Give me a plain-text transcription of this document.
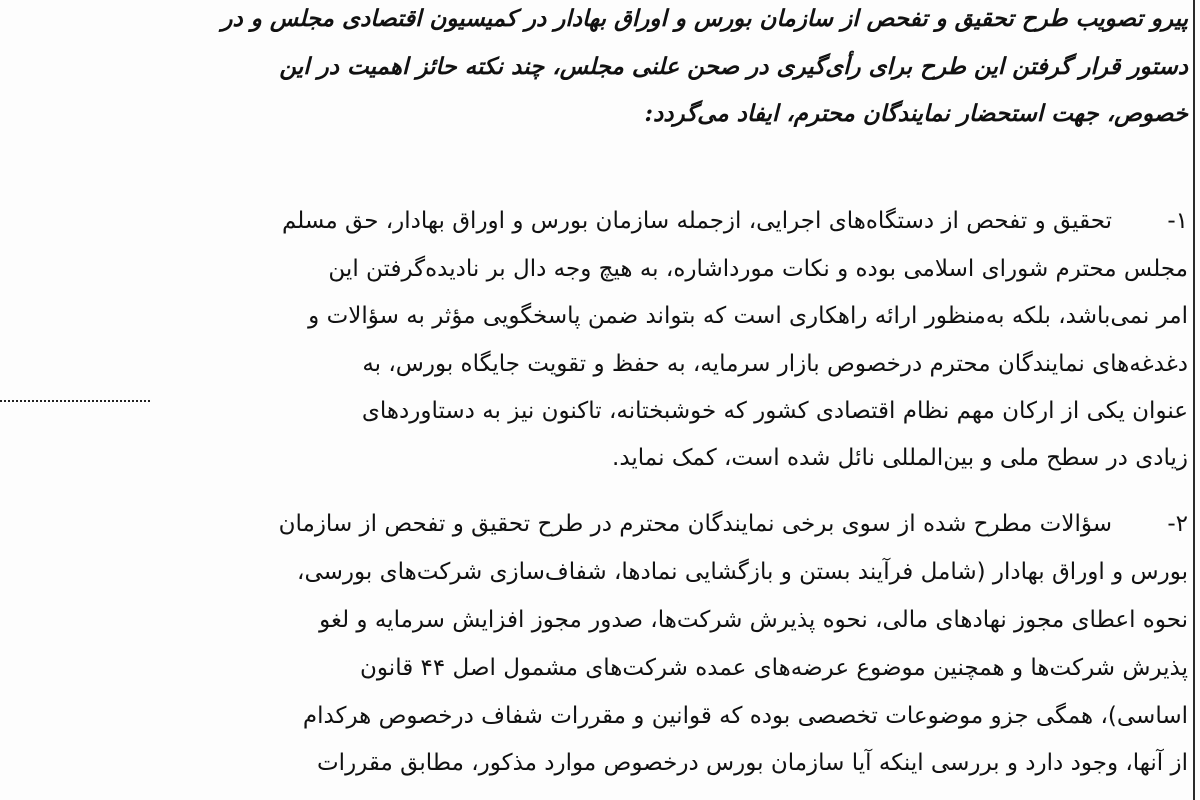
پیرو تصویب طرح تحقیق و تفحص از سازمان بورس و اوراق بهادار در کمیسیون اقتصادی مجلس و در
دستور قرار گرفتن این طرح برای رأی‌گیری در صحن علنی مجلس، چند نکته حائز اهمیت در این
خصوص، جهت استحضار نمایندگان محترم، ایفاد می‌گردد:
۱-
تحقیق و تفحص از دستگاه‌های اجرایی، ازجمله سازمان بورس و اوراق بهادار، حق مسلم
مجلس محترم شورای اسلامی بوده و نکات مورداشاره، به هیچ وجه دال بر نادیده‌گرفتن این
امر نمی‌باشد، بلکه به‌منظور ارائه راهکاری است که بتواند ضمن پاسخگویی مؤثر به سؤالات و
دغدغه‌های نمایندگان محترم درخصوص بازار سرمایه، به حفظ و تقویت جایگاه بورس، به
عنوان یکی از ارکان مهم نظام اقتصادی کشور که خوشبختانه، تاکنون نیز به دستاوردهای
زیادی در سطح ملی و بین‌المللی نائل شده است، کمک نماید.
۲-
سؤالات مطرح شده از سوی برخی نمایندگان محترم در طرح تحقیق و تفحص از سازمان
بورس و اوراق بهادار (شامل فرآیند بستن و بازگشایی نمادها، شفاف‌سازی شرکت‌های بورسی،
نحوه اعطای مجوز نهادهای مالی، نحوه پذیرش شرکت‌ها، صدور مجوز افزایش سرمایه و لغو
پذیرش شرکت‌ها و همچنین موضوع عرضه‌های عمده شرکت‌های مشمول اصل ۴۴ قانون
اساسی)، همگی جزو موضوعات تخصصی بوده که قوانین و مقررات شفاف درخصوص هرکدام
از آنها، وجود دارد و بررسی اینکه آیا سازمان بورس درخصوص موارد مذکور، مطابق مقررات
